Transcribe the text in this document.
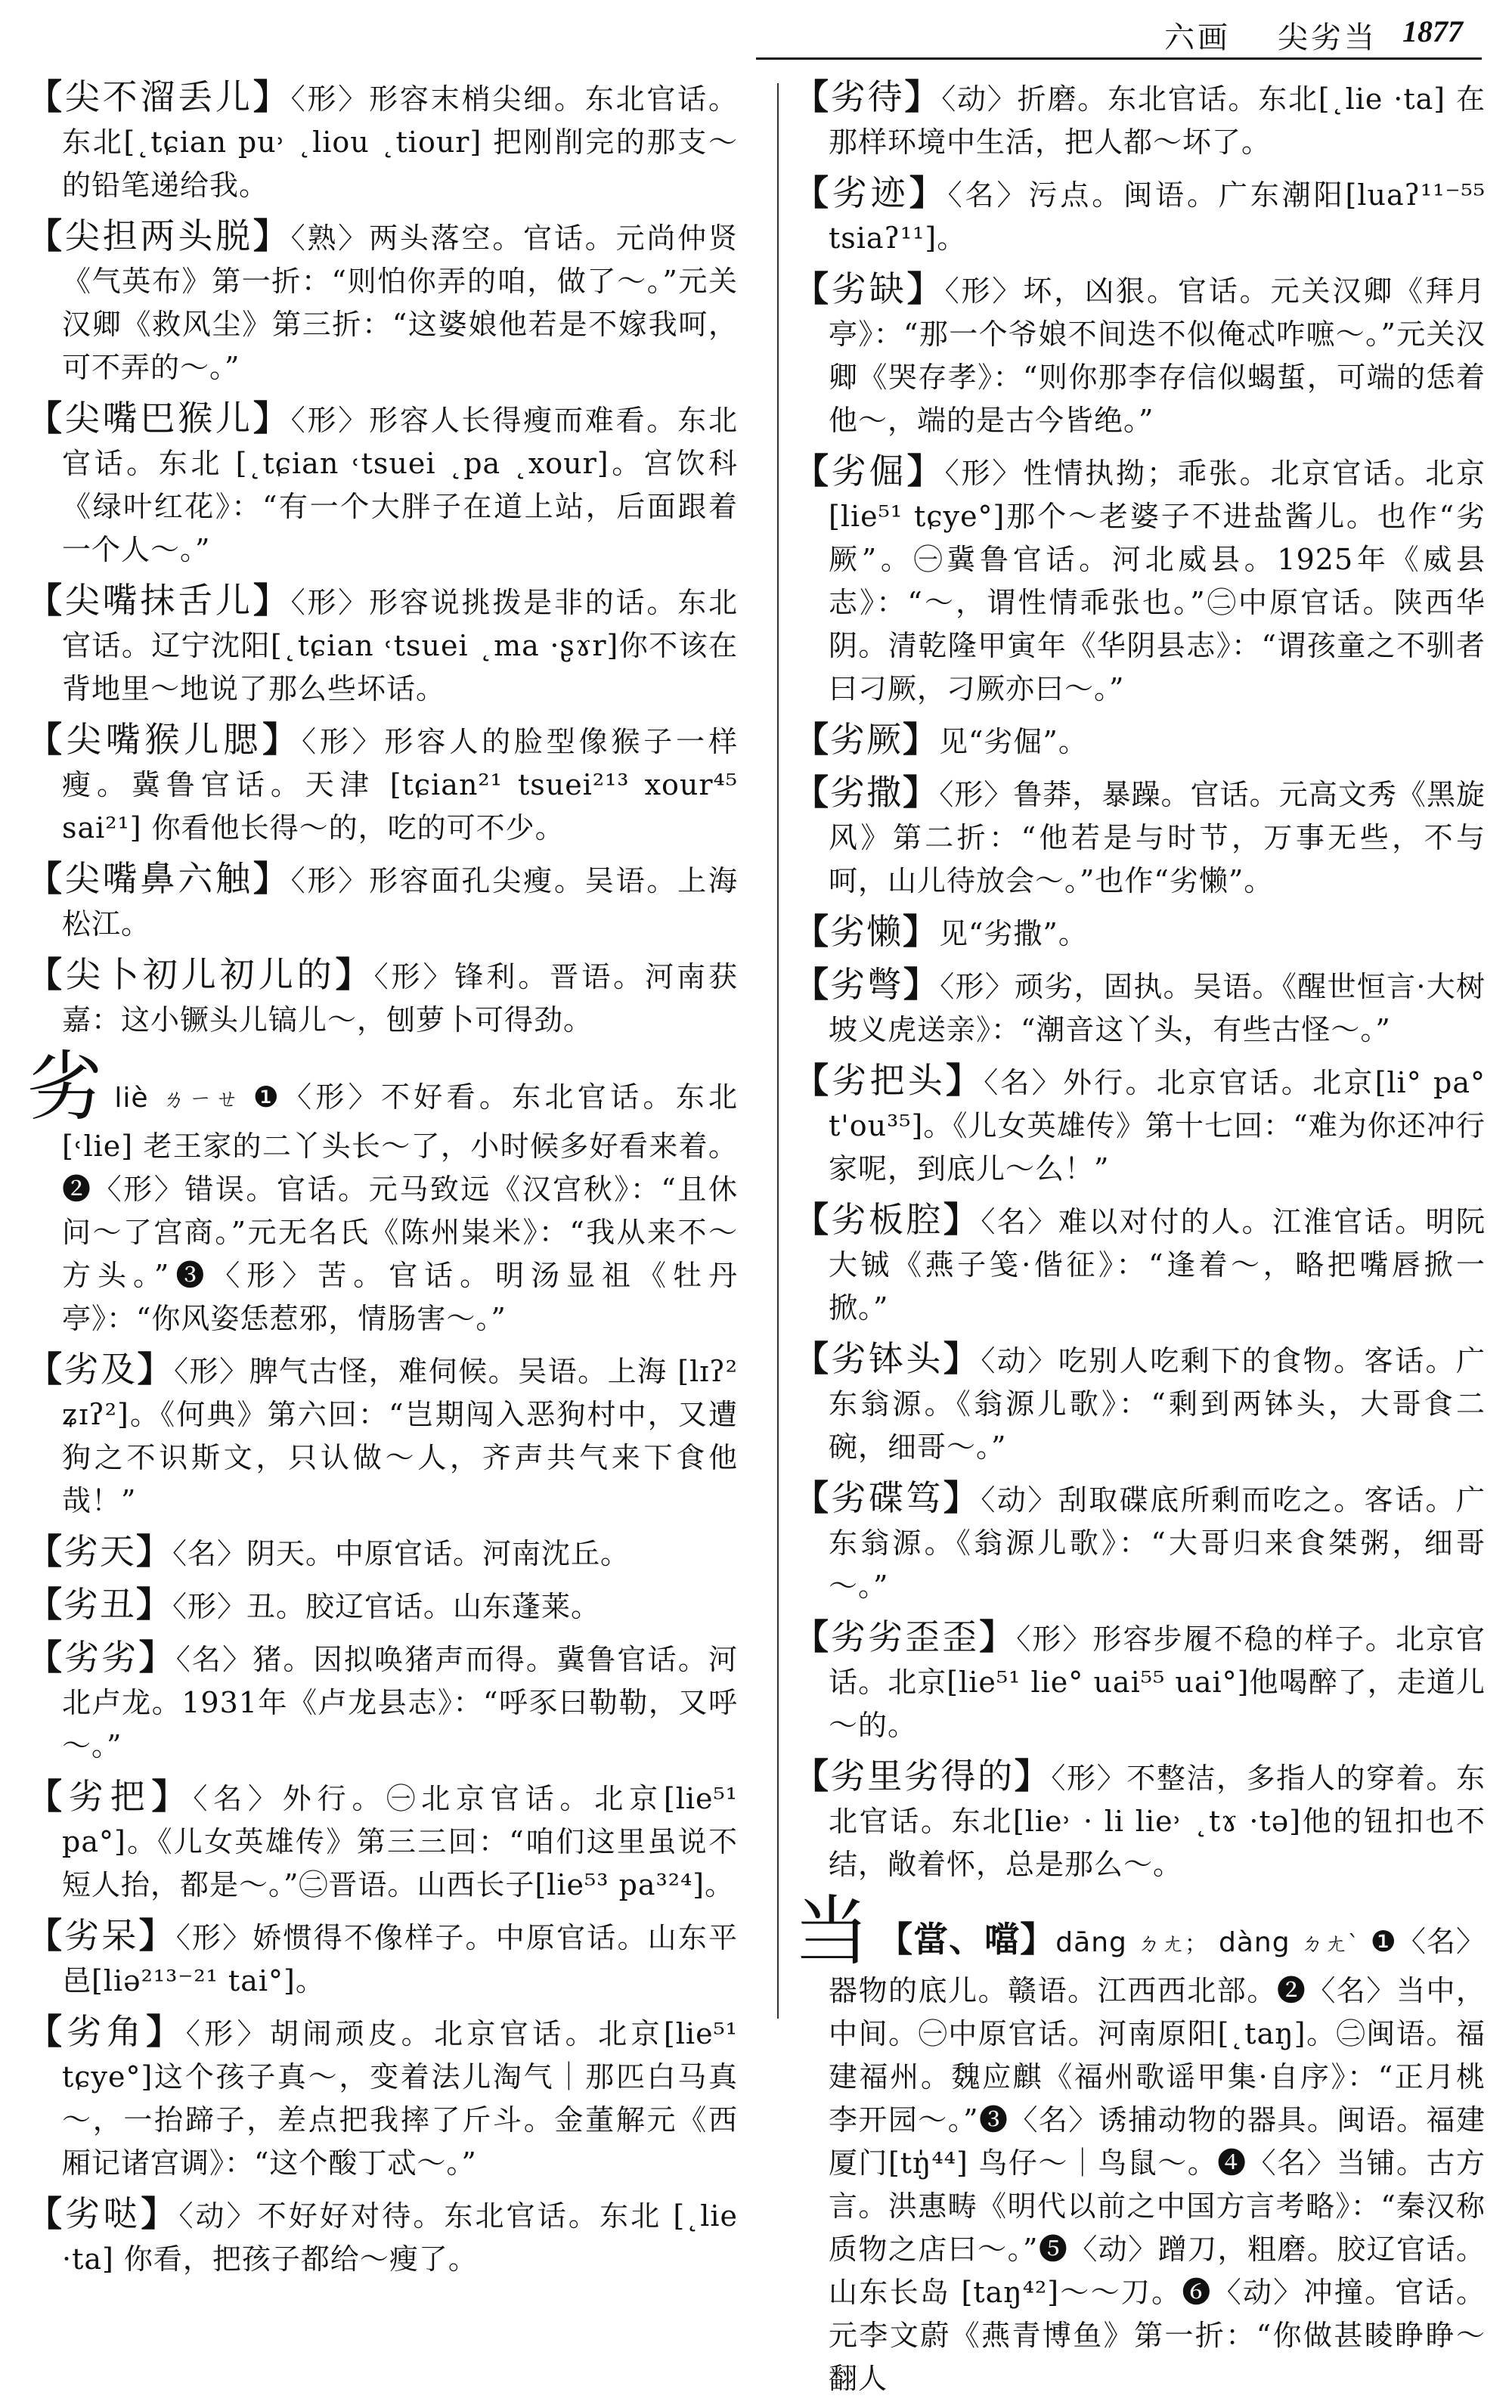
六画 尖劣当 1877
【尖不溜丢儿】〈形〉形容末梢尖细。东北官话。东北[˛tɕian pu˒ ˛liou ˛tiour] 把刚削完的那支～的铅笔递给我。
【尖担两头脱】〈熟〉两头落空。官话。元尚仲贤《气英布》第一折：“则怕你弄的咱，做了～。”元关汉卿《救风尘》第三折：“这婆娘他若是不嫁我呵，可不弄的～。”
【尖嘴巴猴儿】〈形〉形容人长得瘦而难看。东北官话。东北 [˛tɕian ˓tsuei ˛pa ˛xour]。宫饮科《绿叶红花》：“有一个大胖子在道上站，后面跟着一个人～。”
【尖嘴抹舌儿】〈形〉形容说挑拨是非的话。东北官话。辽宁沈阳[˛tɕian ˓tsuei ˛ma ·ʂɤr]你不该在背地里～地说了那么些坏话。
【尖嘴猴儿腮】〈形〉形容人的脸型像猴子一样瘦。冀鲁官话。天津 [tɕian²¹ tsuei²¹³ xour⁴⁵ sai²¹] 你看他长得～的，吃的可不少。
【尖嘴鼻六触】〈形〉形容面孔尖瘦。吴语。上海松江。
【尖卜初儿初儿的】〈形〉锋利。晋语。河南获嘉：这小镢头儿镐儿～，刨萝卜可得劲。
劣liè ㄌㄧㄝ ❶〈形〉不好看。东北官话。东北 [˓lie] 老王家的二丫头长～了，小时候多好看来着。❷〈形〉错误。官话。元马致远《汉宫秋》：“且休问～了宫商。”元无名氏《陈州粜米》：“我从来不～方头。”❸〈形〉苦。官话。明汤显祖《牡丹亭》：“你风姿恁惹邪，情肠害～。”
【劣及】〈形〉脾气古怪，难伺候。吴语。上海 [lɪʔ² ʑɪʔ²]。《何典》第六回：“岂期闯入恶狗村中，又遭狗之不识斯文，只认做～人，齐声共气来下食他哉！”
【劣天】〈名〉阴天。中原官话。河南沈丘。
【劣丑】〈形〉丑。胶辽官话。山东蓬莱。
【劣劣】〈名〉猪。因拟唤猪声而得。冀鲁官话。河北卢龙。1931年《卢龙县志》：“呼豕曰勒勒，又呼～。”
【劣把】〈名〉外行。㊀北京官话。北京[lie⁵¹ pa°]。《儿女英雄传》第三三回：“咱们这里虽说不短人抬，都是～。”㊁晋语。山西长子[lie⁵³ pa³²⁴]。
【劣呆】〈形〉娇惯得不像样子。中原官话。山东平邑[liə²¹³⁻²¹ tai°]。
【劣角】〈形〉胡闹顽皮。北京官话。北京[lie⁵¹ tɕye°]这个孩子真～，变着法儿淘气｜那匹白马真～，一抬蹄子，差点把我摔了斤斗。金董解元《西厢记诸宫调》：“这个酸丁忒～。”
【劣哒】〈动〉不好好对待。东北官话。东北 [˛lie ·ta] 你看，把孩子都给～瘦了。
【劣待】〈动〉折磨。东北官话。东北[˛lie ·ta] 在那样环境中生活，把人都～坏了。
【劣迹】〈名〉污点。闽语。广东潮阳[luaʔ¹¹⁻⁵⁵ tsiaʔ¹¹]。
【劣缺】〈形〉坏，凶狠。官话。元关汉卿《拜月亭》：“那一个爷娘不间迭不似俺忒咋嗻～。”元关汉卿《哭存孝》：“则你那李存信似蝎蜇，可端的恁着他～，端的是古今皆绝。”
【劣倔】〈形〉性情执拗；乖张。北京官话。北京 [lie⁵¹ tɕye°]那个～老婆子不进盐酱儿。也作“劣厥”。㊀冀鲁官话。河北威县。1925年《威县志》：“～，谓性情乖张也。”㊁中原官话。陕西华阴。清乾隆甲寅年《华阴县志》：“谓孩童之不驯者曰刁厥，刁厥亦曰～。”
【劣厥】见“劣倔”。
【劣撒】〈形〉鲁莽，暴躁。官话。元高文秀《黑旋风》第二折：“他若是与时节，万事无些，不与呵，山儿待放会～。”也作“劣懒”。
【劣懒】见“劣撒”。
【劣彆】〈形〉顽劣，固执。吴语。《醒世恒言·大树坡义虎送亲》：“潮音这丫头，有些古怪～。”
【劣把头】〈名〉外行。北京官话。北京[li° pa° t'ou³⁵]。《儿女英雄传》第十七回：“难为你还冲行家呢，到底儿～么！”
【劣板腔】〈名〉难以对付的人。江淮官话。明阮大铖《燕子笺·偕征》：“逢着～，略把嘴唇掀一掀。”
【劣钵头】〈动〉吃别人吃剩下的食物。客话。广东翁源。《翁源儿歌》：“剩到两钵头，大哥食二碗，细哥～。”
【劣碟笃】〈动〉刮取碟底所剩而吃之。客话。广东翁源。《翁源儿歌》：“大哥归来食桀粥，细哥～。”
【劣劣歪歪】〈形〉形容步履不稳的样子。北京官话。北京[lie⁵¹ lie° uai⁵⁵ uai°]他喝醉了，走道儿～的。
【劣里劣得的】〈形〉不整洁，多指人的穿着。东北官话。东北[lie˒ · li lie˒ ˛tɤ ·tə]他的钮扣也不结，敞着怀，总是那么～。
当 【當、噹】dāng ㄉㄤ； dàng ㄉㄤˋ ❶〈名〉器物的底儿。赣语。江西西北部。❷〈名〉当中，中间。㊀中原官话。河南原阳[˛taŋ]。㊁闽语。福建福州。魏应麒《福州歌谣甲集·自序》：“正月桃李开园～。”❸〈名〉诱捕动物的器具。闽语。福建厦门[tŋ̍⁴⁴] 鸟仔～｜鸟鼠～。❹〈名〉当铺。古方言。洪惠畴《明代以前之中国方言考略》：“秦汉称质物之店曰～。”❺〈动〉蹭刀，粗磨。胶辽官话。山东长岛 [taŋ⁴²]～～刀。❻〈动〉冲撞。官话。元李文蔚《燕青博鱼》第一折：“你做甚睖睁睁～翻人
